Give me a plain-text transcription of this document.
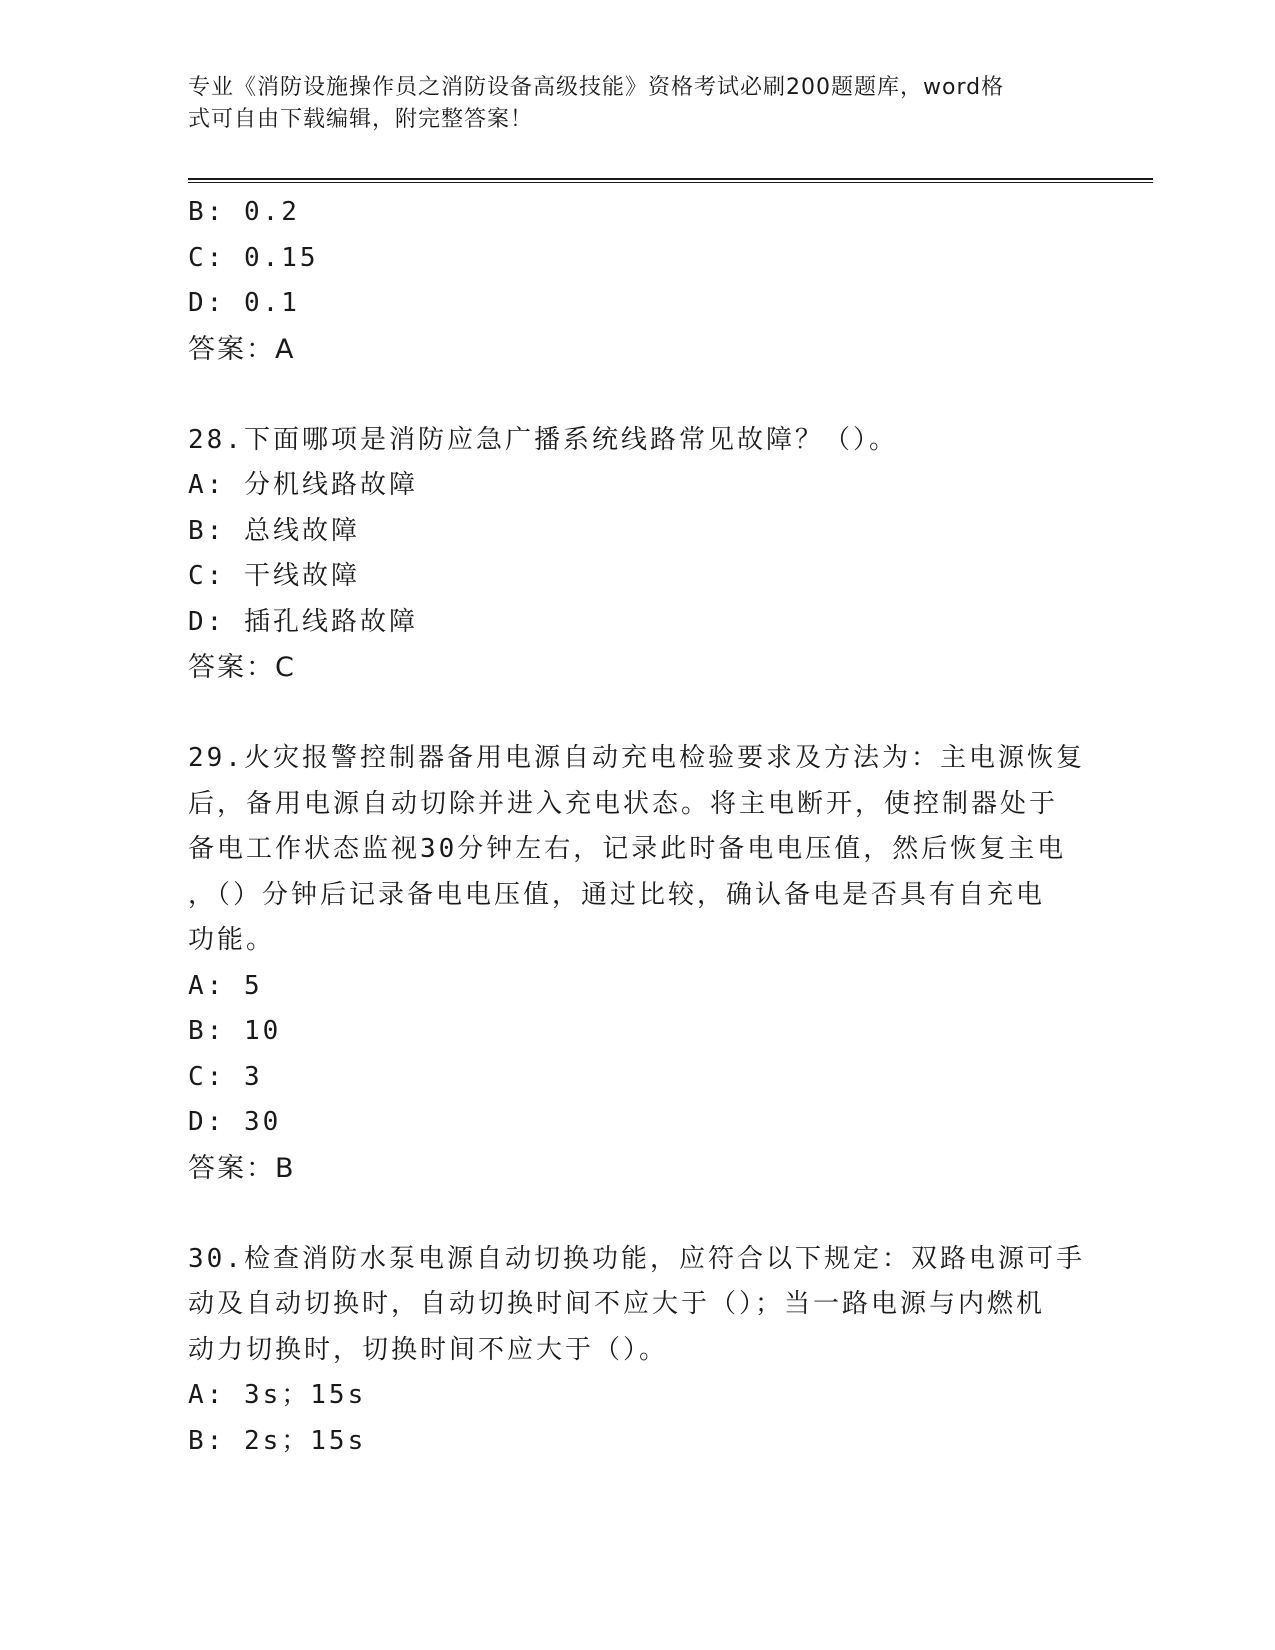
专业《消防设施操作员之消防设备高级技能》资格考试必刷200题题库，word格
式可自由下载编辑，附完整答案！
B: 0.2
C: 0.15
D: 0.1
答案：A
28.下面哪项是消防应急广播系统线路常见故障？（）。
A: 分机线路故障
B: 总线故障
C: 干线故障
D: 插孔线路故障
答案：C
29.火灾报警控制器备用电源自动充电检验要求及方法为：主电源恢复
后，备用电源自动切除并进入充电状态。将主电断开，使控制器处于
备电工作状态监视30分钟左右，记录此时备电电压值，然后恢复主电
，（）分钟后记录备电电压值，通过比较，确认备电是否具有自充电
功能。
A: 5
B: 10
C: 3
D: 30
答案：B
30.检查消防水泵电源自动切换功能，应符合以下规定：双路电源可手
动及自动切换时，自动切换时间不应大于（）；当一路电源与内燃机
动力切换时，切换时间不应大于（）。
A: 3s；15s
B: 2s；15s
